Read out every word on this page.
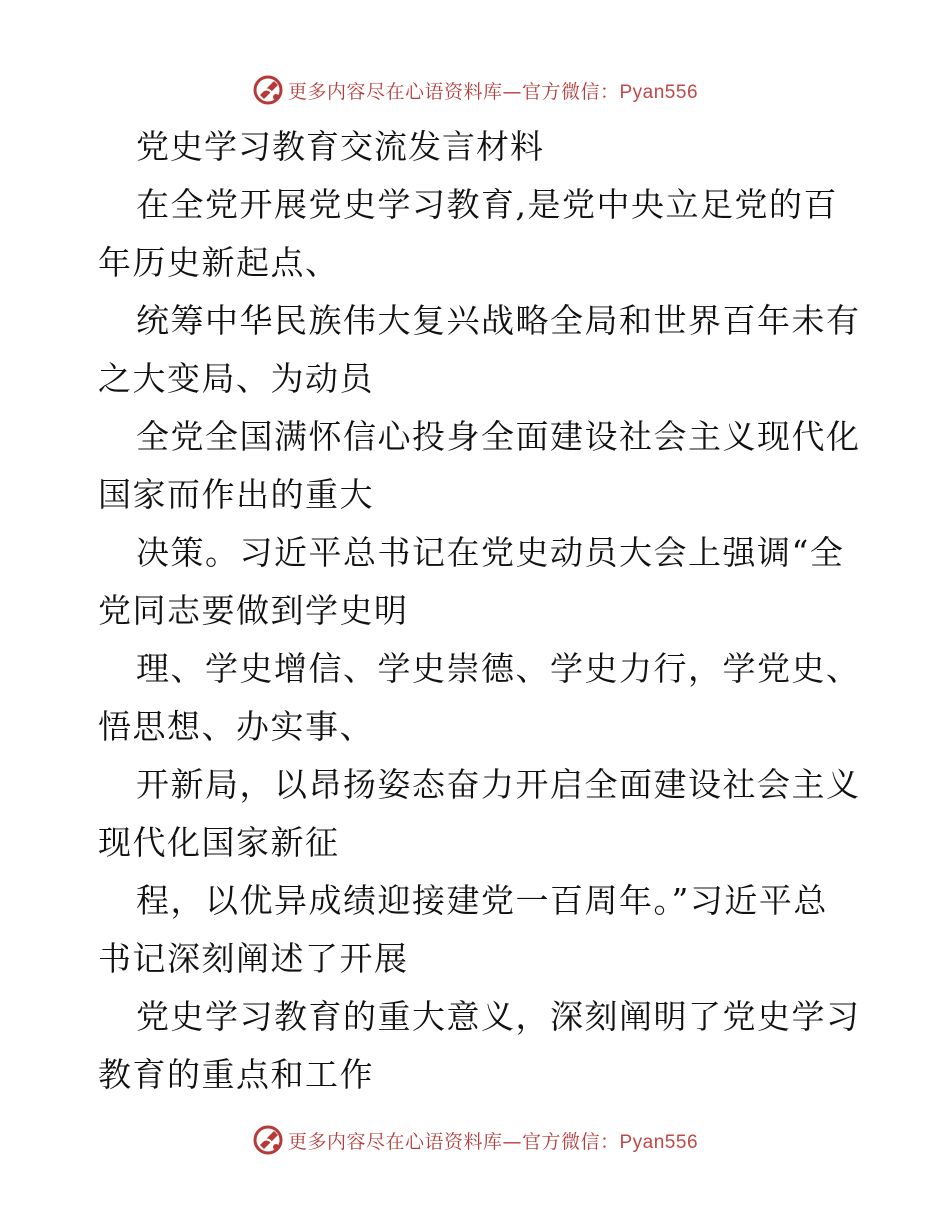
更多内容尽在心语资料库—官方微信：Pyan556
党史学习教育交流发言材料

在全党开展党史学习教育,是党中央立足党的百
年历史新起点、

统筹中华民族伟大复兴战略全局和世界百年未有
之大变局、为动员

全党全国满怀信心投身全面建设社会主义现代化
国家而作出的重大

决策。习近平总书记在党史动员大会上强调“全
党同志要做到学史明

理、学史增信、学史崇德、学史力行，学党史、
悟思想、办实事、

开新局，以昂扬姿态奋力开启全面建设社会主义
现代化国家新征

程，以优异成绩迎接建党一百周年。”习近平总
书记深刻阐述了开展

党史学习教育的重大意义，深刻阐明了党史学习
教育的重点和工作

更多内容尽在心语资料库—官方微信：Pyan556
